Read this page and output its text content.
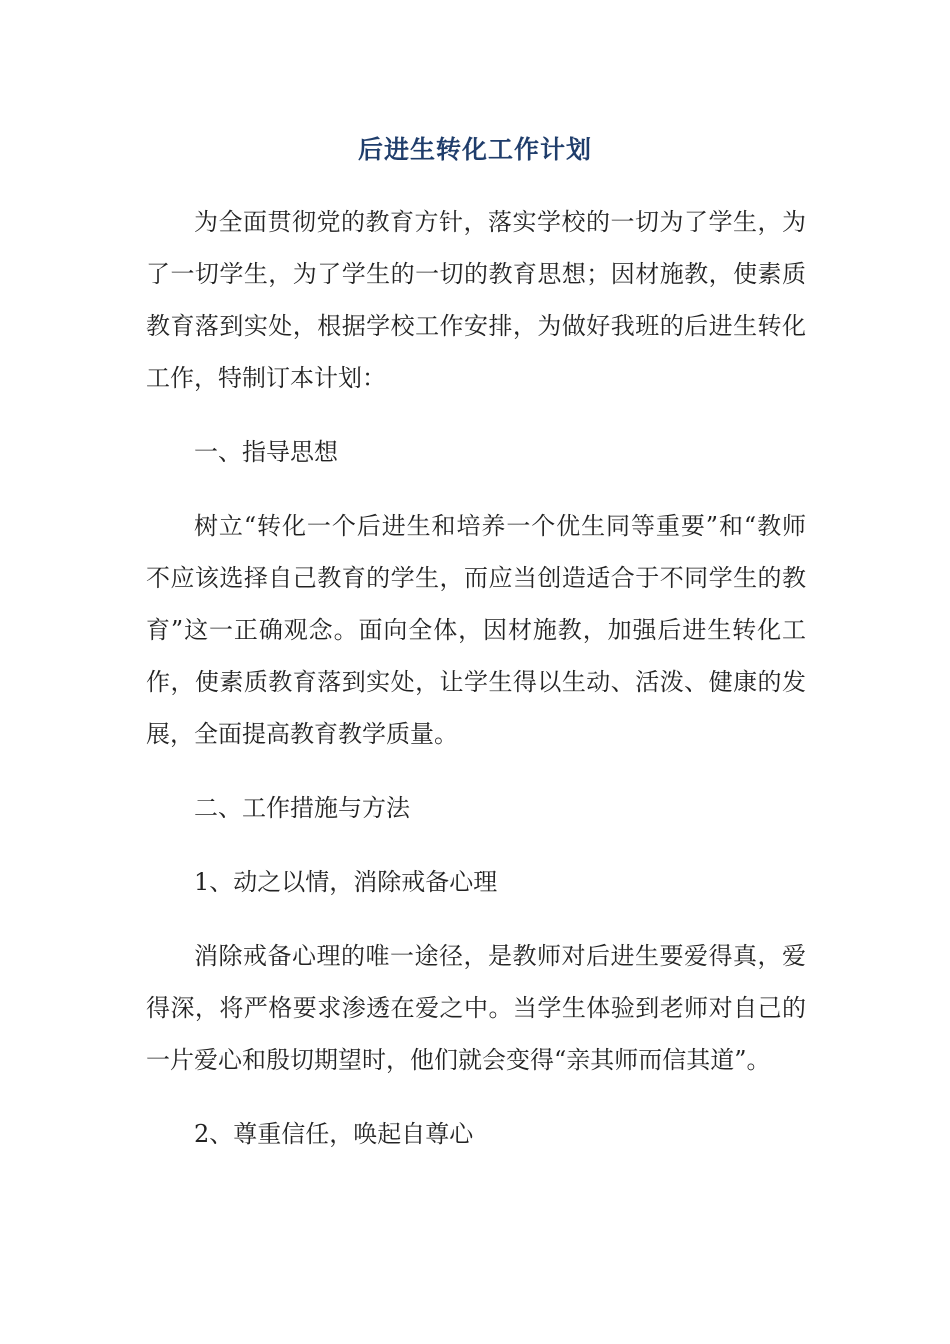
后进生转化工作计划

为全面贯彻党的教育方针，落实学校的一切为了学生，为了一切学生，为了学生的一切的教育思想；因材施教，使素质教育落到实处，根据学校工作安排，为做好我班的后进生转化工作，特制订本计划：

一、指导思想

树立“转化一个后进生和培养一个优生同等重要”和“教师不应该选择自己教育的学生，而应当创造适合于不同学生的教育”这一正确观念。面向全体，因材施教，加强后进生转化工作，使素质教育落到实处，让学生得以生动、活泼、健康的发展，全面提高教育教学质量。

二、工作措施与方法

1、动之以情，消除戒备心理

消除戒备心理的唯一途径，是教师对后进生要爱得真，爱得深，将严格要求渗透在爱之中。当学生体验到老师对自己的一片爱心和殷切期望时，他们就会变得“亲其师而信其道”。

2、尊重信任，唤起自尊心
